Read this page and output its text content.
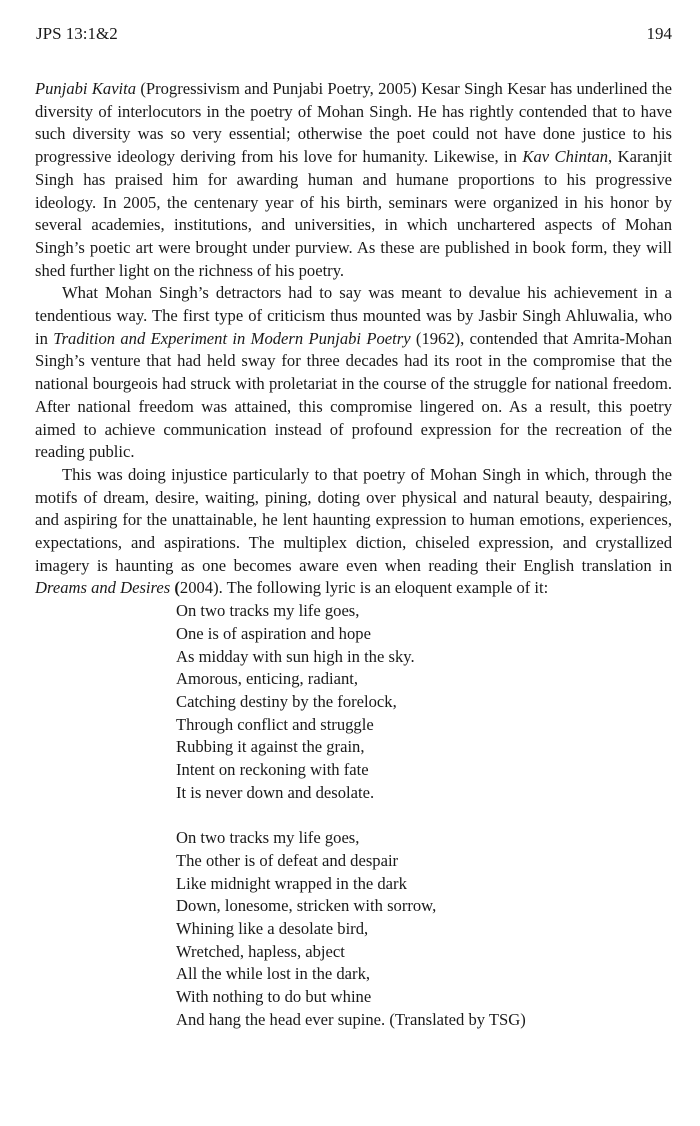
JPS 13:1&2	194

Punjabi Kavita (Progressivism and Punjabi Poetry, 2005) Kesar Singh Kesar has underlined the diversity of interlocutors in the poetry of Mohan Singh. He has rightly contended that to have such diversity was so very essential; otherwise the poet could not have done justice to his progressive ideology deriving from his love for humanity. Likewise, in Kav Chintan, Karanjit Singh has praised him for awarding human and humane proportions to his progressive ideology. In 2005, the centenary year of his birth, seminars were organized in his honor by several academies, institutions, and universities, in which unchartered aspects of Mohan Singh’s poetic art were brought under purview. As these are published in book form, they will shed further light on the richness of his poetry.

What Mohan Singh’s detractors had to say was meant to devalue his achievement in a tendentious way. The first type of criticism thus mounted was by Jasbir Singh Ahluwalia, who in Tradition and Experiment in Modern Punjabi Poetry (1962), contended that Amrita-Mohan Singh’s venture that had held sway for three decades had its root in the compromise that the national bourgeois had struck with proletariat in the course of the struggle for national freedom. After national freedom was attained, this compromise lingered on. As a result, this poetry aimed to achieve communication instead of profound expression for the recreation of the reading public.

This was doing injustice particularly to that poetry of Mohan Singh in which, through the motifs of dream, desire, waiting, pining, doting over physical and natural beauty, despairing, and aspiring for the unattainable, he lent haunting expression to human emotions, experiences, expectations, and aspirations. The multiplex diction, chiseled expression, and crystallized imagery is haunting as one becomes aware even when reading their English translation in Dreams and Desires (2004). The following lyric is an eloquent example of it:

On two tracks my life goes,
One is of aspiration and hope
As midday with sun high in the sky.
Amorous, enticing, radiant,
Catching destiny by the forelock,
Through conflict and struggle
Rubbing it against the grain,
Intent on reckoning with fate
It is never down and desolate.
On two tracks my life goes,
The other is of defeat and despair
Like midnight wrapped in the dark
Down, lonesome, stricken with sorrow,
Whining like a desolate bird,
Wretched, hapless, abject
All the while lost in the dark,
With nothing to do but whine
And hang the head ever supine. (Translated by TSG)
